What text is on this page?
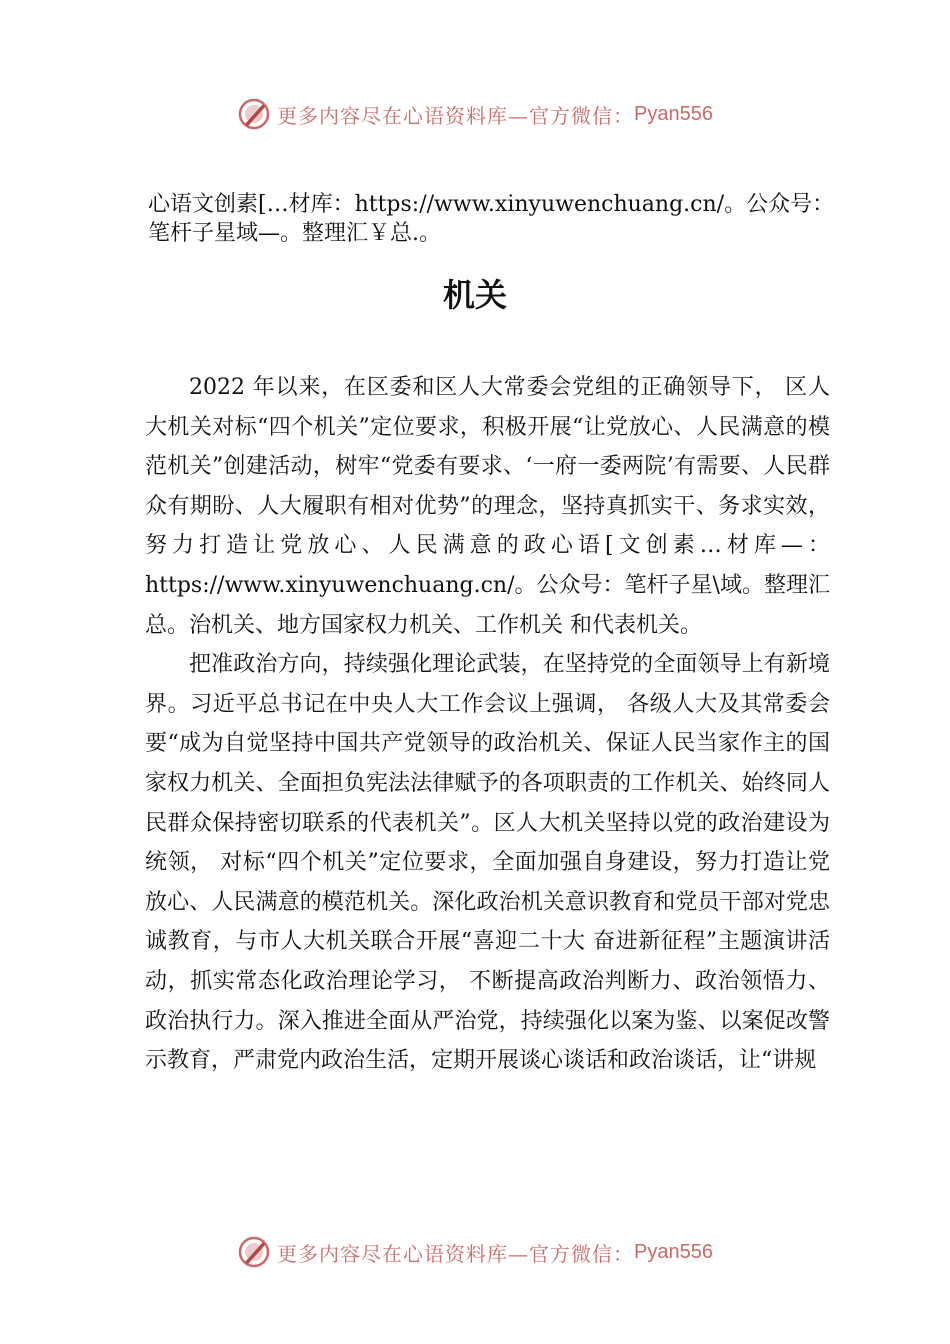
更多内容尽在心语资料库—官方微信： Pyan556
心语文创素[…材库：https://www.xinyuwenchuang.cn/。公众号：笔杆子星域—。整理汇￥总.。
机关

2022 年以来，在区委和区人大常委会党组的正确领导下， 区人大机关对标“四个机关”定位要求，积极开展“让党放心、人民满意的模范机关”创建活动，树牢“党委有要求、‘一府一委两院’有需要、人民群众有期盼、人大履职有相对优势”的理念，坚持真抓实干、务求实效，努力打造让党放心、人民满意的政心语[文创素…材库—：https://www.xinyuwenchuang.cn/。公众号：笔杆子星\域。整理汇总。治机关、地方国家权力机关、工作机关 和代表机关。

把准政治方向，持续强化理论武装，在坚持党的全面领导上有新境界。习近平总书记在中央人大工作会议上强调， 各级人大及其常委会要“成为自觉坚持中国共产党领导的政治机关、保证人民当家作主的国家权力机关、全面担负宪法法律赋予的各项职责的工作机关、始终同人民群众保持密切联系的代表机关”。区人大机关坚持以党的政治建设为统领， 对标“四个机关”定位要求，全面加强自身建设，努力打造让党放心、人民满意的模范机关。深化政治机关意识教育和党员干部对党忠诚教育，与市人大机关联合开展“喜迎二十大 奋进新征程”主题演讲活动，抓实常态化政治理论学习， 不断提高政治判断力、政治领悟力、政治执行力。深入推进全面从严治党，持续强化以案为鉴、以案促改警示教育，严肃党内政治生活，定期开展谈心谈话和政治谈话，让“讲规

更多内容尽在心语资料库—官方微信： Pyan556
